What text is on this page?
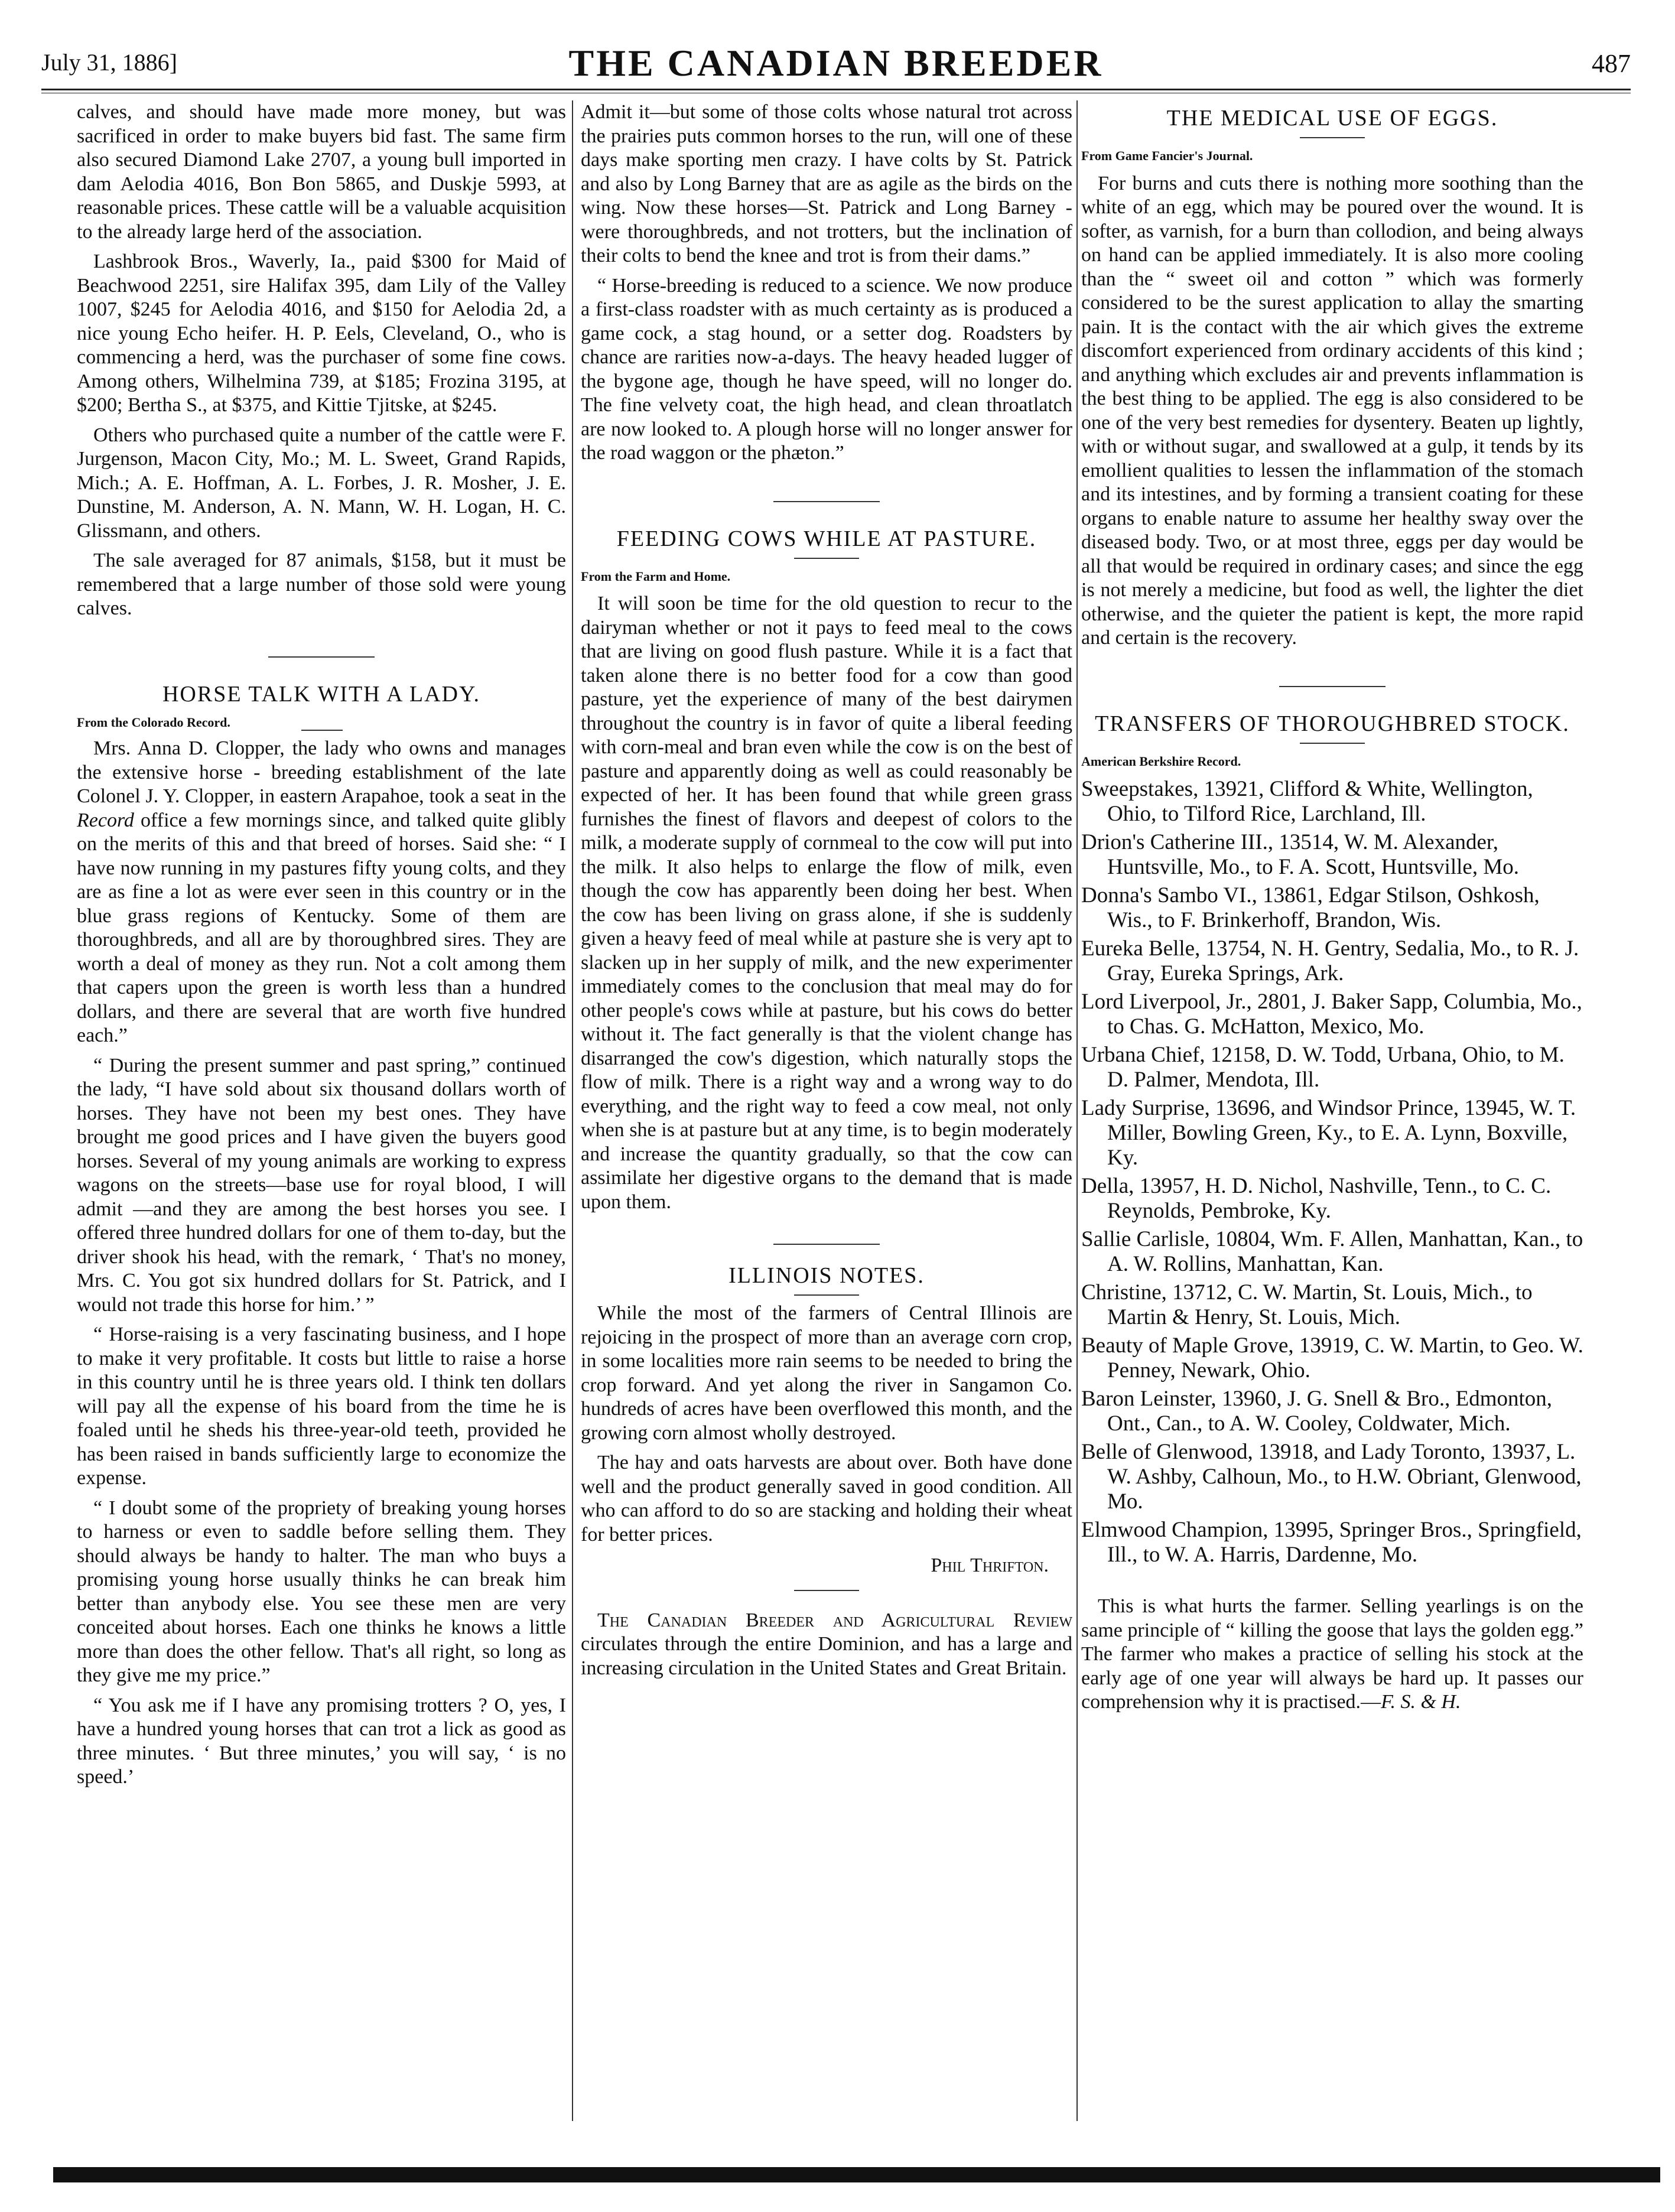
July 31, 1886]	THE CANADIAN BREEDER	487

calves, and should have made more money, but was sacrificed in order to make buyers bid fast. The same firm also secured Diamond Lake 2707, a young bull imported in dam Aelodia 4016, Bon Bon 5865, and Duskje 5993, at reasonable prices. These cattle will be a valuable acquisition to the already large herd of the association.

Lashbrook Bros., Waverly, Ia., paid $300 for Maid of Beachwood 2251, sire Halifax 395, dam Lily of the Valley 1007, $245 for Aelodia 4016, and $150 for Aelodia 2d, a nice young Echo heifer. H. P. Eels, Cleveland, O., who is commencing a herd, was the purchaser of some fine cows. Among others, Wilhelmina 739, at $185; Frozina 3195, at $200; Bertha S., at $375, and Kittie Tjitske, at $245.

Others who purchased quite a number of the cattle were F. Jurgenson, Macon City, Mo.; M. L. Sweet, Grand Rapids, Mich.; A. E. Hoffman, A. L. Forbes, J. R. Mosher, J. E. Dunstine, M. Anderson, A. N. Mann, W. H. Logan, H. C. Glissmann, and others.

The sale averaged for 87 animals, $158, but it must be remembered that a large number of those sold were young calves.

HORSE TALK WITH A LADY.
From the Colorado Record.

Mrs. Anna D. Clopper, the lady who owns and manages the extensive horse - breeding establishment of the late Colonel J. Y. Clopper, in eastern Arapahoe, took a seat in the Record office a few mornings since, and talked quite glibly on the merits of this and that breed of horses. Said she: “ I have now running in my pastures fifty young colts, and they are as fine a lot as were ever seen in this country or in the blue grass regions of Kentucky. Some of them are thoroughbreds, and all are by thoroughbred sires. They are worth a deal of money as they run. Not a colt among them that capers upon the green is worth less than a hundred dollars, and there are several that are worth five hundred each.”

“ During the present summer and past spring,” continued the lady, “I have sold about six thousand dollars worth of horses. They have not been my best ones. They have brought me good prices and I have given the buyers good horses. Several of my young animals are working to express wagons on the streets—base use for royal blood, I will admit —and they are among the best horses you see. I offered three hundred dollars for one of them to-day, but the driver shook his head, with the remark, ‘ That's no money, Mrs. C. You got six hundred dollars for St. Patrick, and I would not trade this horse for him.’ ”

“ Horse-raising is a very fascinating business, and I hope to make it very profitable. It costs but little to raise a horse in this country until he is three years old. I think ten dollars will pay all the expense of his board from the time he is foaled until he sheds his three-year-old teeth, provided he has been raised in bands sufficiently large to economize the expense.

“ I doubt some of the propriety of breaking young horses to harness or even to saddle before selling them. They should always be handy to halter. The man who buys a promising young horse usually thinks he can break him better than anybody else. You see these men are very conceited about horses. Each one thinks he knows a little more than does the other fellow. That's all right, so long as they give me my price.”

“ You ask me if I have any promising trotters ? O, yes, I have a hundred young horses that can trot a lick as good as three minutes. ‘ But three minutes,’ you will say, ‘ is no speed.’

Admit it—but some of those colts whose natural trot across the prairies puts common horses to the run, will one of these days make sporting men crazy. I have colts by St. Patrick and also by Long Barney that are as agile as the birds on the wing. Now these horses—St. Patrick and Long Barney - were thoroughbreds, and not trotters, but the inclination of their colts to bend the knee and trot is from their dams.”

“ Horse-breeding is reduced to a science. We now produce a first-class roadster with as much certainty as is produced a game cock, a stag hound, or a setter dog. Roadsters by chance are rarities now-a-days. The heavy headed lugger of the bygone age, though he have speed, will no longer do. The fine velvety coat, the high head, and clean throatlatch are now looked to. A plough horse will no longer answer for the road waggon or the phæton.”

FEEDING COWS WHILE AT PASTURE.
From the Farm and Home.

It will soon be time for the old question to recur to the dairyman whether or not it pays to feed meal to the cows that are living on good flush pasture. While it is a fact that taken alone there is no better food for a cow than good pasture, yet the experience of many of the best dairymen throughout the country is in favor of quite a liberal feeding with corn-meal and bran even while the cow is on the best of pasture and apparently doing as well as could reasonably be expected of her. It has been found that while green grass furnishes the finest of flavors and deepest of colors to the milk, a moderate supply of cornmeal to the cow will put into the milk. It also helps to enlarge the flow of milk, even though the cow has apparently been doing her best. When the cow has been living on grass alone, if she is suddenly given a heavy feed of meal while at pasture she is very apt to slacken up in her supply of milk, and the new experimenter immediately comes to the conclusion that meal may do for other people's cows while at pasture, but his cows do better without it. The fact generally is that the violent change has disarranged the cow's digestion, which naturally stops the flow of milk. There is a right way and a wrong way to do everything, and the right way to feed a cow meal, not only when she is at pasture but at any time, is to begin moderately and increase the quantity gradually, so that the cow can assimilate her digestive organs to the demand that is made upon them.

ILLINOIS NOTES.

While the most of the farmers of Central Illinois are rejoicing in the prospect of more than an average corn crop, in some localities more rain seems to be needed to bring the crop forward. And yet along the river in Sangamon Co. hundreds of acres have been overflowed this month, and the growing corn almost wholly destroyed.

The hay and oats harvests are about over. Both have done well and the product generally saved in good condition. All who can afford to do so are stacking and holding their wheat for better prices.

Phil Thrifton.

The Canadian Breeder and Agricultural Review circulates through the entire Dominion, and has a large and increasing circulation in the United States and Great Britain.

THE MEDICAL USE OF EGGS.
From Game Fancier's Journal.

For burns and cuts there is nothing more soothing than the white of an egg, which may be poured over the wound. It is softer, as varnish, for a burn than collodion, and being always on hand can be applied immediately. It is also more cooling than the “ sweet oil and cotton ” which was formerly considered to be the surest application to allay the smarting pain. It is the contact with the air which gives the extreme discomfort experienced from ordinary accidents of this kind ; and anything which excludes air and prevents inflammation is the best thing to be applied. The egg is also considered to be one of the very best remedies for dysentery. Beaten up lightly, with or without sugar, and swallowed at a gulp, it tends by its emollient qualities to lessen the inflammation of the stomach and its intestines, and by forming a transient coating for these organs to enable nature to assume her healthy sway over the diseased body. Two, or at most three, eggs per day would be all that would be required in ordinary cases; and since the egg is not merely a medicine, but food as well, the lighter the diet otherwise, and the quieter the patient is kept, the more rapid and certain is the recovery.

TRANSFERS OF THOROUGHBRED STOCK.
American Berkshire Record.
Sweepstakes, 13921, Clifford & White, Wellington, Ohio, to Tilford Rice, Larchland, Ill.
Drion's Catherine III., 13514, W. M. Alexander, Huntsville, Mo., to F. A. Scott, Huntsville, Mo.
Donna's Sambo VI., 13861, Edgar Stilson, Oshkosh, Wis., to F. Brinkerhoff, Brandon, Wis.
Eureka Belle, 13754, N. H. Gentry, Sedalia, Mo., to R. J. Gray, Eureka Springs, Ark.
Lord Liverpool, Jr., 2801, J. Baker Sapp, Columbia, Mo., to Chas. G. McHatton, Mexico, Mo.
Urbana Chief, 12158, D. W. Todd, Urbana, Ohio, to M. D. Palmer, Mendota, Ill.
Lady Surprise, 13696, and Windsor Prince, 13945, W. T. Miller, Bowling Green, Ky., to E. A. Lynn, Boxville, Ky.
Della, 13957, H. D. Nichol, Nashville, Tenn., to C. C. Reynolds, Pembroke, Ky.
Sallie Carlisle, 10804, Wm. F. Allen, Manhattan, Kan., to A. W. Rollins, Manhattan, Kan.
Christine, 13712, C. W. Martin, St. Louis, Mich., to Martin & Henry, St. Louis, Mich.
Beauty of Maple Grove, 13919, C. W. Martin, to Geo. W. Penney, Newark, Ohio.
Baron Leinster, 13960, J. G. Snell & Bro., Edmonton, Ont., Can., to A. W. Cooley, Coldwater, Mich.
Belle of Glenwood, 13918, and Lady Toronto, 13937, L. W. Ashby, Calhoun, Mo., to H.W. Obriant, Glenwood, Mo.
Elmwood Champion, 13995, Springer Bros., Springfield, Ill., to W. A. Harris, Dardenne, Mo.

This is what hurts the farmer. Selling yearlings is on the same principle of “ killing the goose that lays the golden egg.” The farmer who makes a practice of selling his stock at the early age of one year will always be hard up. It passes our comprehension why it is practised.—F. S. & H.
